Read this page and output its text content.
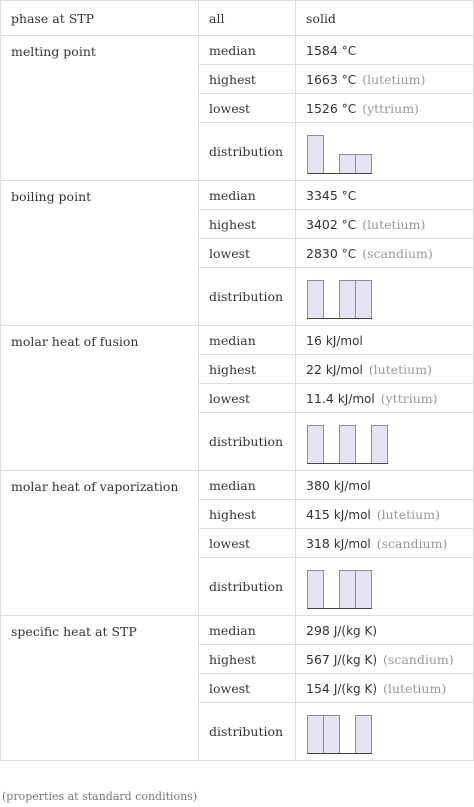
phase at STP	all	solid
melting point	median	1584 °C
	highest	1663 °C (lutetium)
	lowest	1526 °C (yttrium)
	distribution	

boiling point	median	3345 °C
	highest	3402 °C (lutetium)
	lowest	2830 °C (scandium)
	distribution	

molar heat of fusion	median	16 kJ/mol
	highest	22 kJ/mol (lutetium)
	lowest	11.4 kJ/mol (yttrium)
	distribution	

molar heat of vaporization	median	380 kJ/mol
	highest	415 kJ/mol (lutetium)
	lowest	318 kJ/mol (scandium)
	distribution	

specific heat at STP	median	298 J/(kg K)
	highest	567 J/(kg K) (scandium)
	lowest	154 J/(kg K) (lutetium)
	distribution	
(properties at standard conditions)
